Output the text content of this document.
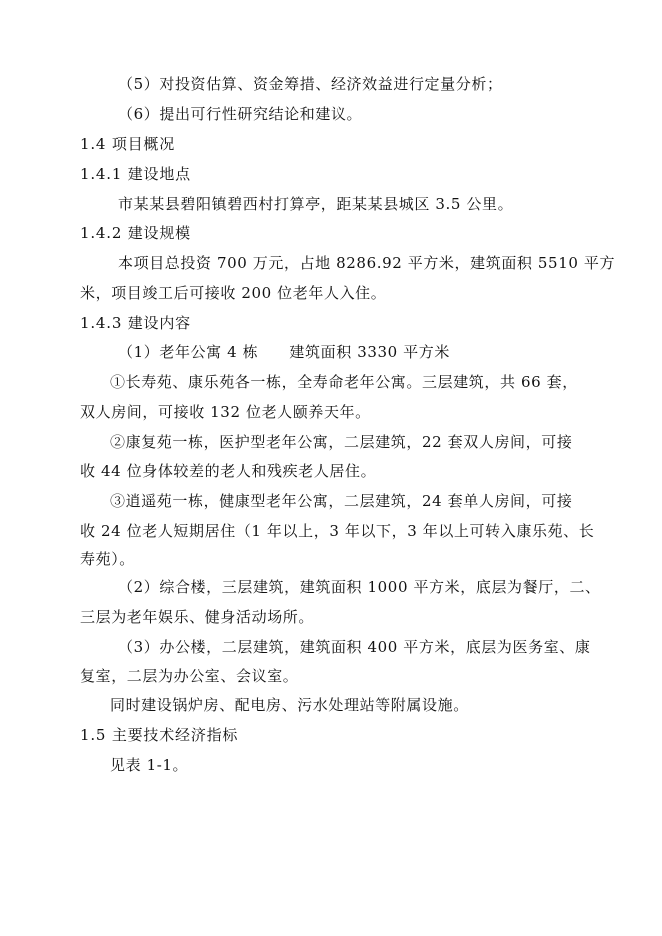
（5）对投资估算、资金筹措、经济效益进行定量分析；
（6）提出可行性研究结论和建议。
1.4 项目概况
1.4.1 建设地点
市某某县碧阳镇碧西村打算亭，距某某县城区 3.5 公里。
1.4.2 建设规模
本项目总投资 700 万元，占地 8286.92 平方米，建筑面积 5510 平方
米，项目竣工后可接收 200 位老年人入住。
1.4.3 建设内容
（1）老年公寓 4 栋　　建筑面积 3330 平方米
①长寿苑、康乐苑各一栋，全寿命老年公寓。三层建筑，共 66 套，
双人房间，可接收 132 位老人颐养天年。
②康复苑一栋，医护型老年公寓，二层建筑，22 套双人房间，可接
收 44 位身体较差的老人和残疾老人居住。
③逍遥苑一栋，健康型老年公寓，二层建筑，24 套单人房间，可接
收 24 位老人短期居住（1 年以上，3 年以下，3 年以上可转入康乐苑、长
寿苑）。
（2）综合楼，三层建筑，建筑面积 1000 平方米，底层为餐厅，二、
三层为老年娱乐、健身活动场所。
（3）办公楼，二层建筑，建筑面积 400 平方米，底层为医务室、康
复室，二层为办公室、会议室。
同时建设锅炉房、配电房、污水处理站等附属设施。
1.5 主要技术经济指标
见表 1-1。
